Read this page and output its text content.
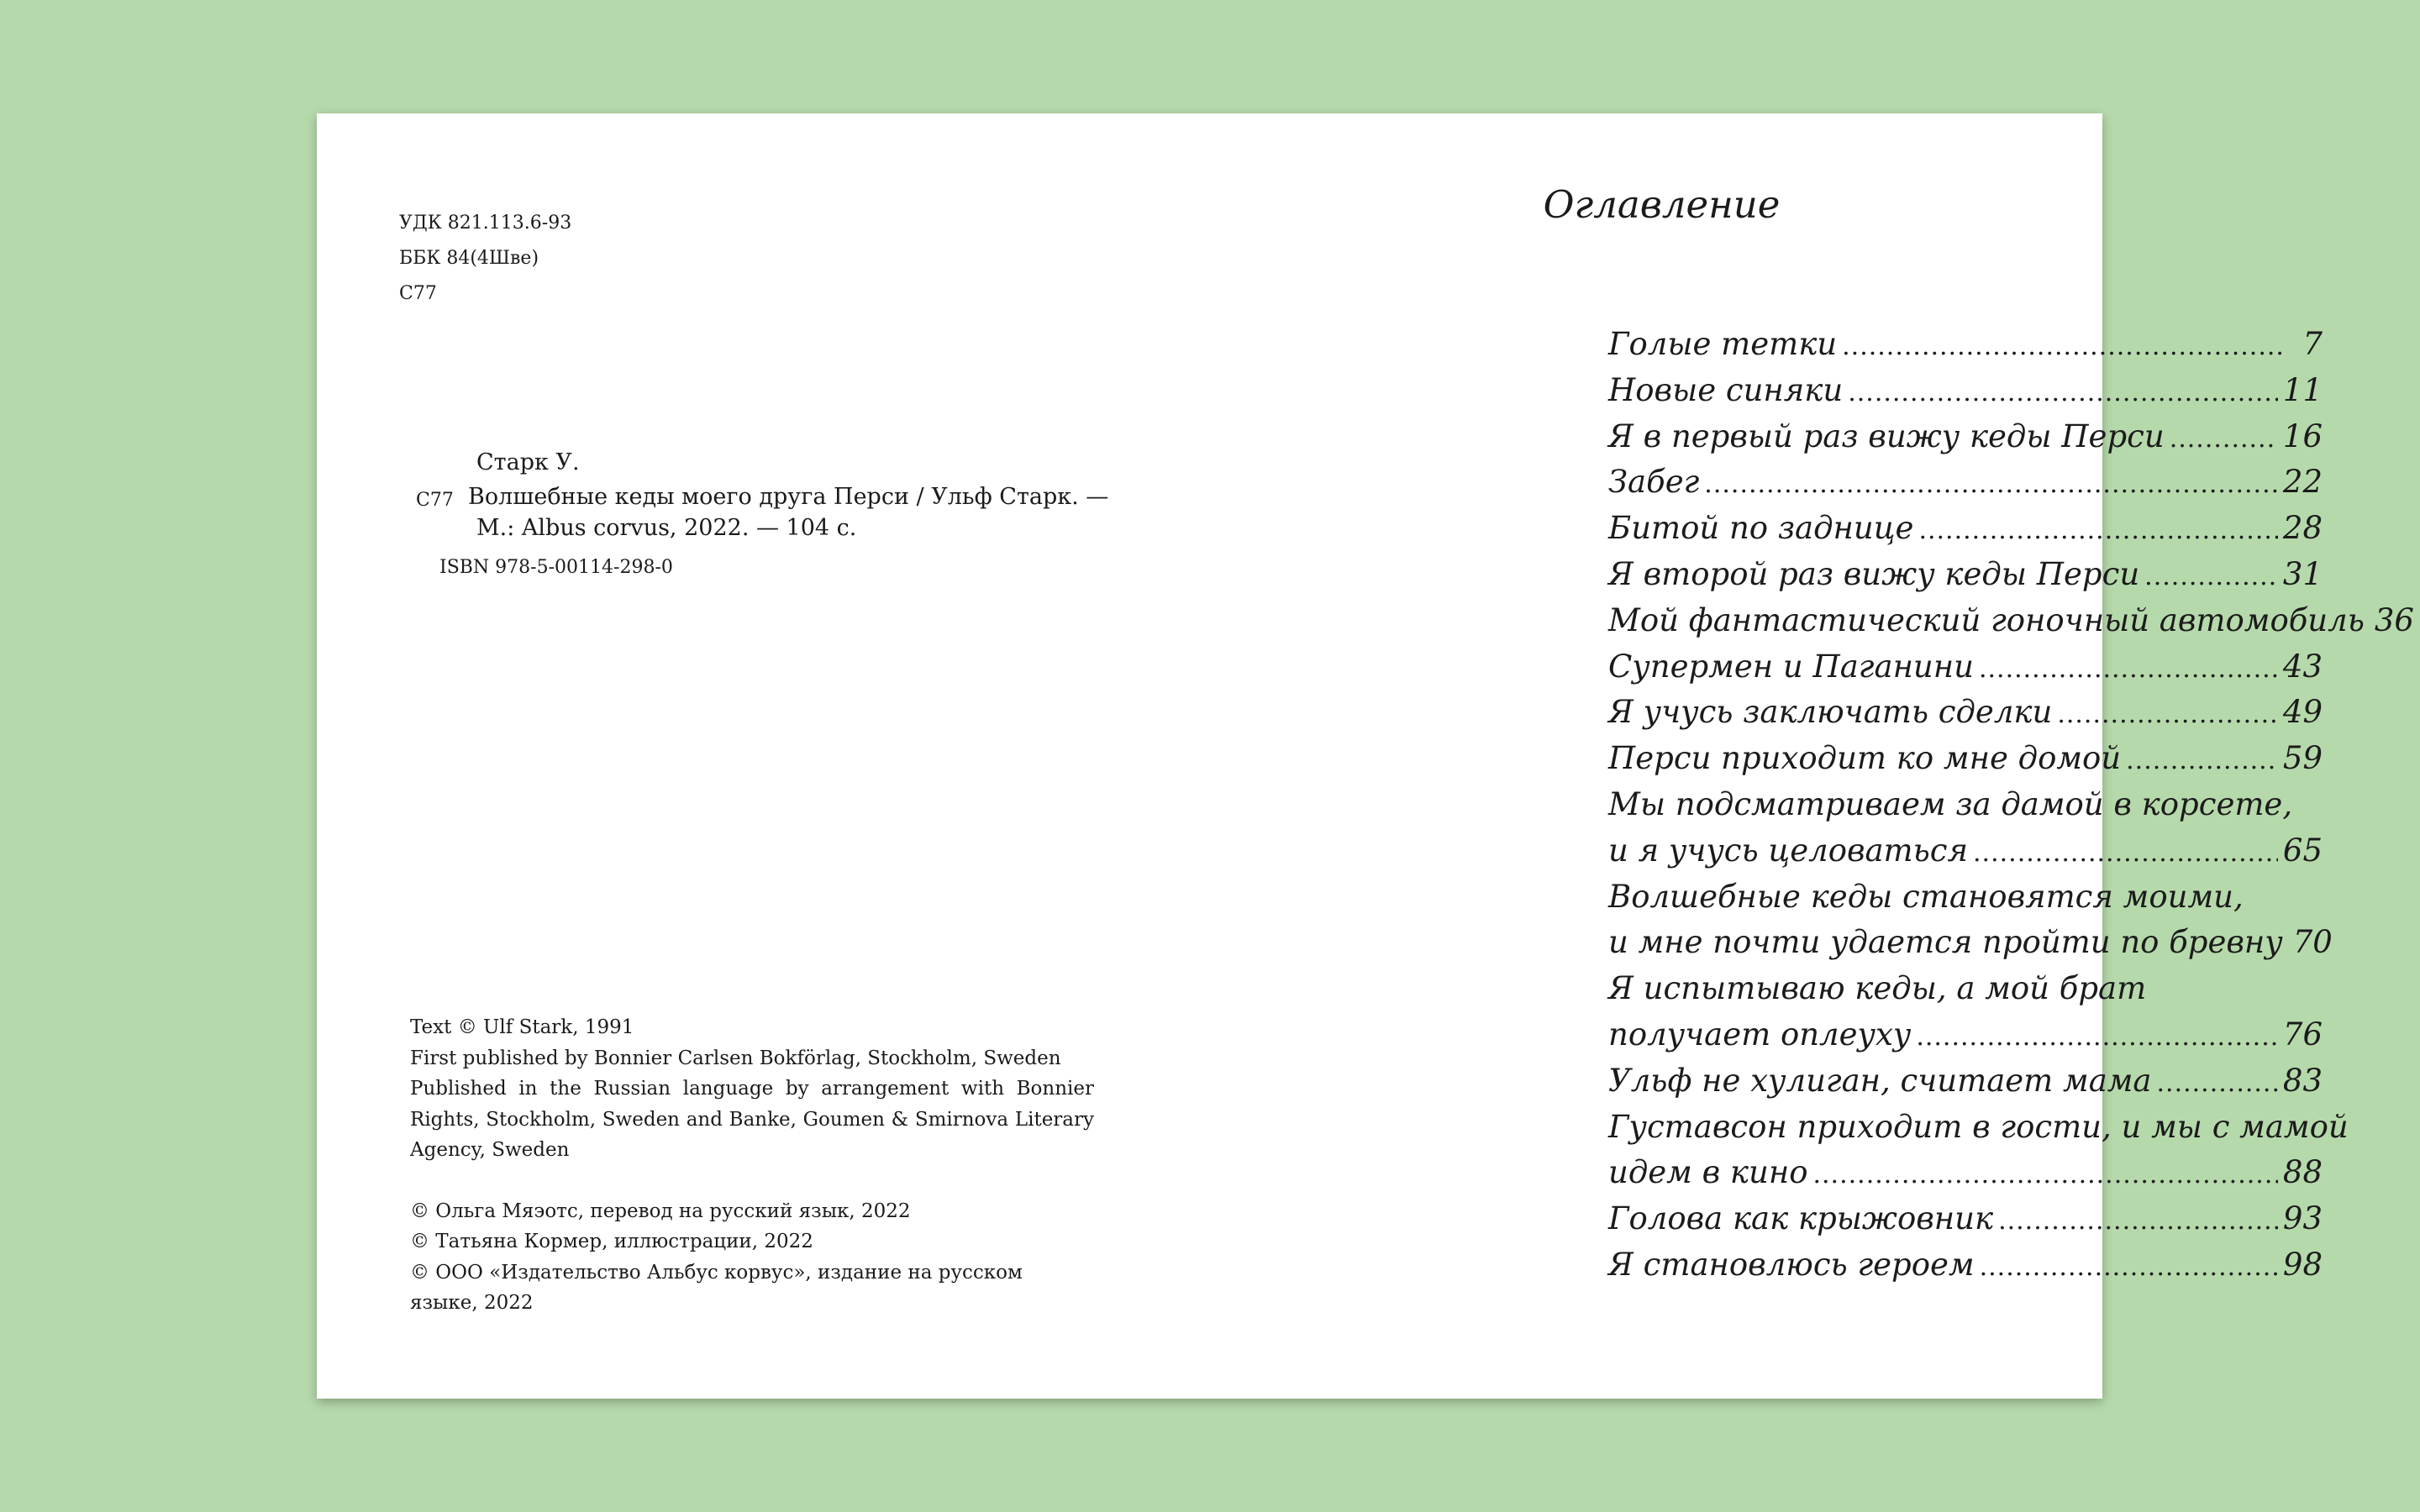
УДК 821.113.6-93
ББК 84(4Шве)
С77
Старк У.
С77 Волшебные кеды моего друга Перси / Ульф Старк. —
М.: Albus corvus, 2022. — 104 с.
ISBN 978-5-00114-298-0
Text © Ulf Stark, 1991
First published by Bonnier Carlsen Bokförlag, Stockholm, Sweden
Published in the Russian language by arrangement with Bonnier Rights, Stockholm, Sweden and Banke, Goumen & Smirnova Literary Agency, Sweden
© Ольга Мяэотс, перевод на русский язык, 2022
© Татьяна Кормер, иллюстрации, 2022
© ООО «Издательство Альбус корвус», издание на русском языке, 2022
Оглавление
Голые тетки .....	7
Новые синяки .....	11
Я в первый раз вижу кеды Перси .....	16
Забег .....	22
Битой по заднице .....	28
Я второй раз вижу кеды Перси .....	31
Мой фантастический гоночный автомобиль 36
Супермен и Паганини .....	43
Я учусь заключать сделки .....	49
Перси приходит ко мне домой .....	59
Мы подсматриваем за дамой в корсете,
и я учусь целоваться .....	65
Волшебные кеды становятся моими,
и мне почти удается пройти по бревну 70
Я испытываю кеды, а мой брат
получает оплеуху .....	76
Ульф не хулиган, считает мама .....	83
Густавсон приходит в гости, и мы с мамой
идем в кино .....	88
Голова как крыжовник .....	93
Я становлюсь героем .....	98
